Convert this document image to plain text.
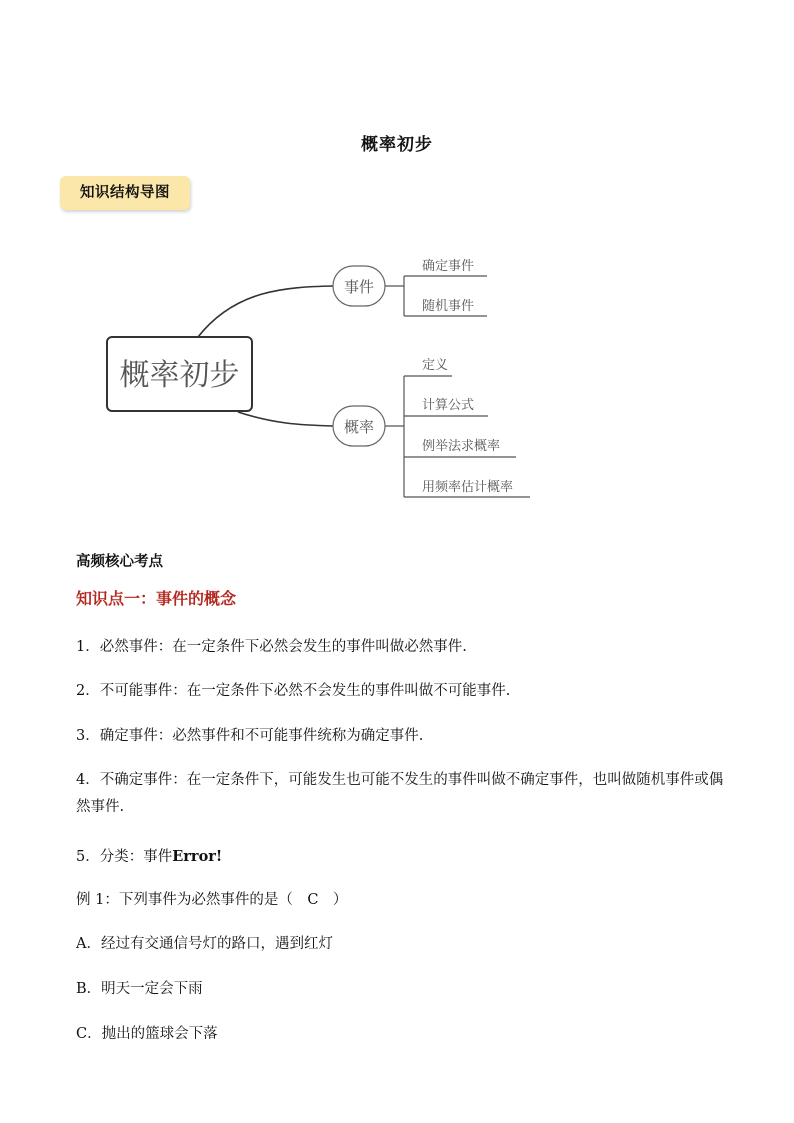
概率初步
知识结构导图
概率初步
事件
确定事件
随机事件
概率
定义
计算公式
例举法求概率
用频率估计概率
高频核心考点
知识点一：事件的概念
1．必然事件：在一定条件下必然会发生的事件叫做必然事件.
2．不可能事件：在一定条件下必然不会发生的事件叫做不可能事件.
3．确定事件：必然事件和不可能事件统称为确定事件.
4．不确定事件：在一定条件下，可能发生也可能不发生的事件叫做不确定事件，也叫做随机事件或偶然事件.
5．分类：事件Error!
例 1：下列事件为必然事件的是（　C　）
A．经过有交通信号灯的路口，遇到红灯
B．明天一定会下雨
C．抛出的篮球会下落
